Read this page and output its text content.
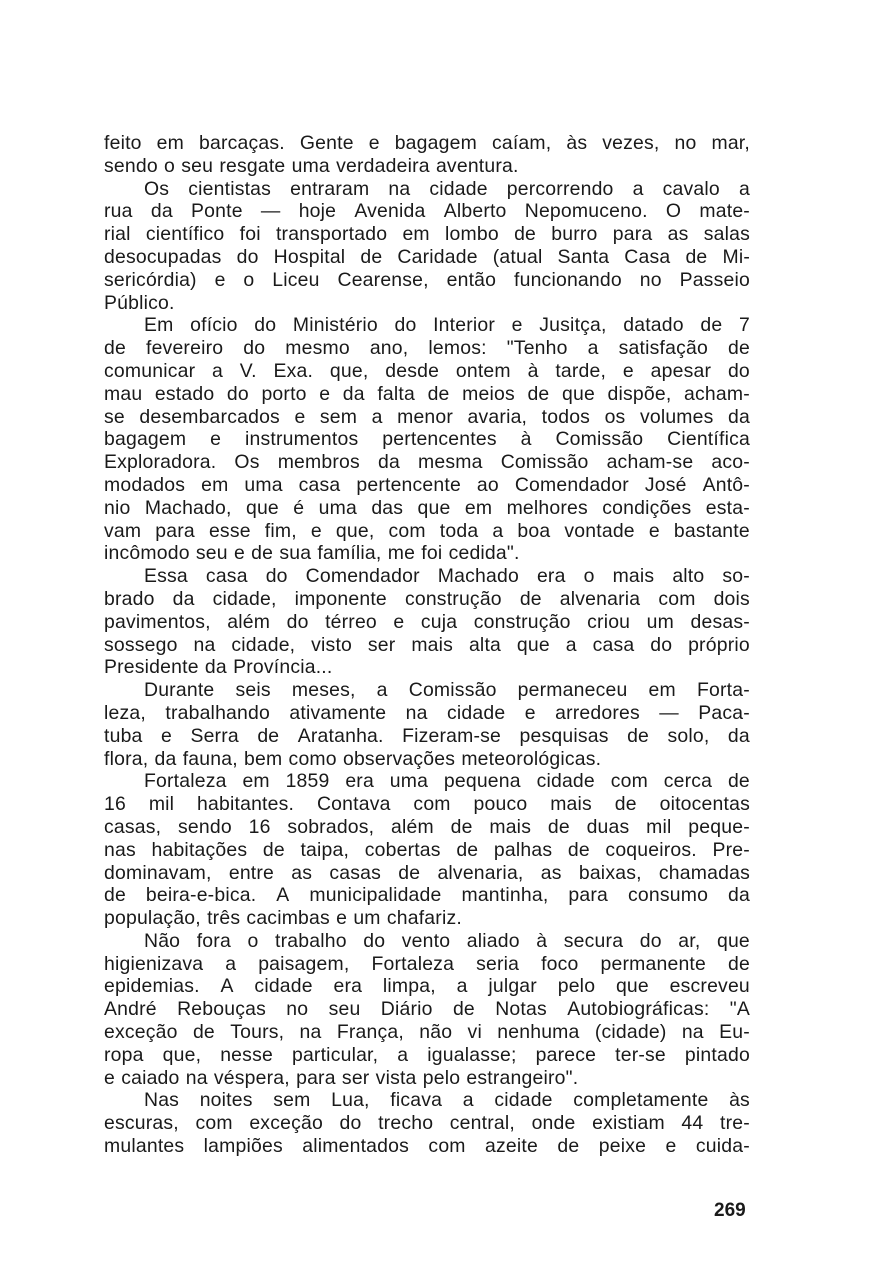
feito em barcaças. Gente e bagagem caíam, às vezes, no mar,
sendo o seu resgate uma verdadeira aventura.
Os cientistas entraram na cidade percorrendo a cavalo a
rua da Ponte — hoje Avenida Alberto Nepomuceno. O mate-
rial científico foi transportado em lombo de burro para as salas
desocupadas do Hospital de Caridade (atual Santa Casa de Mi-
sericórdia) e o Liceu Cearense, então funcionando no Passeio
Público.
Em ofício do Ministério do Interior e Jusitça, datado de 7
de fevereiro do mesmo ano, lemos: "Tenho a satisfação de
comunicar a V. Exa. que, desde ontem à tarde, e apesar do
mau estado do porto e da falta de meios de que dispõe, acham-
se desembarcados e sem a menor avaria, todos os volumes da
bagagem e instrumentos pertencentes à Comissão Científica
Exploradora. Os membros da mesma Comissão acham-se aco-
modados em uma casa pertencente ao Comendador José Antô-
nio Machado, que é uma das que em melhores condições esta-
vam para esse fim, e que, com toda a boa vontade e bastante
incômodo seu e de sua família, me foi cedida".
Essa casa do Comendador Machado era o mais alto so-
brado da cidade, imponente construção de alvenaria com dois
pavimentos, além do térreo e cuja construção criou um desas-
sossego na cidade, visto ser mais alta que a casa do próprio
Presidente da Província...
Durante seis meses, a Comissão permaneceu em Forta-
leza, trabalhando ativamente na cidade e arredores — Paca-
tuba e Serra de Aratanha. Fizeram-se pesquisas de solo, da
flora, da fauna, bem como observações meteorológicas.
Fortaleza em 1859 era uma pequena cidade com cerca de
16 mil habitantes. Contava com pouco mais de oitocentas
casas, sendo 16 sobrados, além de mais de duas mil peque-
nas habitações de taipa, cobertas de palhas de coqueiros. Pre-
dominavam, entre as casas de alvenaria, as baixas, chamadas
de beira-e-bica. A municipalidade mantinha, para consumo da
população, três cacimbas e um chafariz.
Não fora o trabalho do vento aliado à secura do ar, que
higienizava a paisagem, Fortaleza seria foco permanente de
epidemias. A cidade era limpa, a julgar pelo que escreveu
André Rebouças no seu Diário de Notas Autobiográficas: "A
exceção de Tours, na França, não vi nenhuma (cidade) na Eu-
ropa que, nesse particular, a igualasse; parece ter-se pintado
e caiado na véspera, para ser vista pelo estrangeiro".
Nas noites sem Lua, ficava a cidade completamente às
escuras, com exceção do trecho central, onde existiam 44 tre-
mulantes lampiões alimentados com azeite de peixe e cuida-
269
